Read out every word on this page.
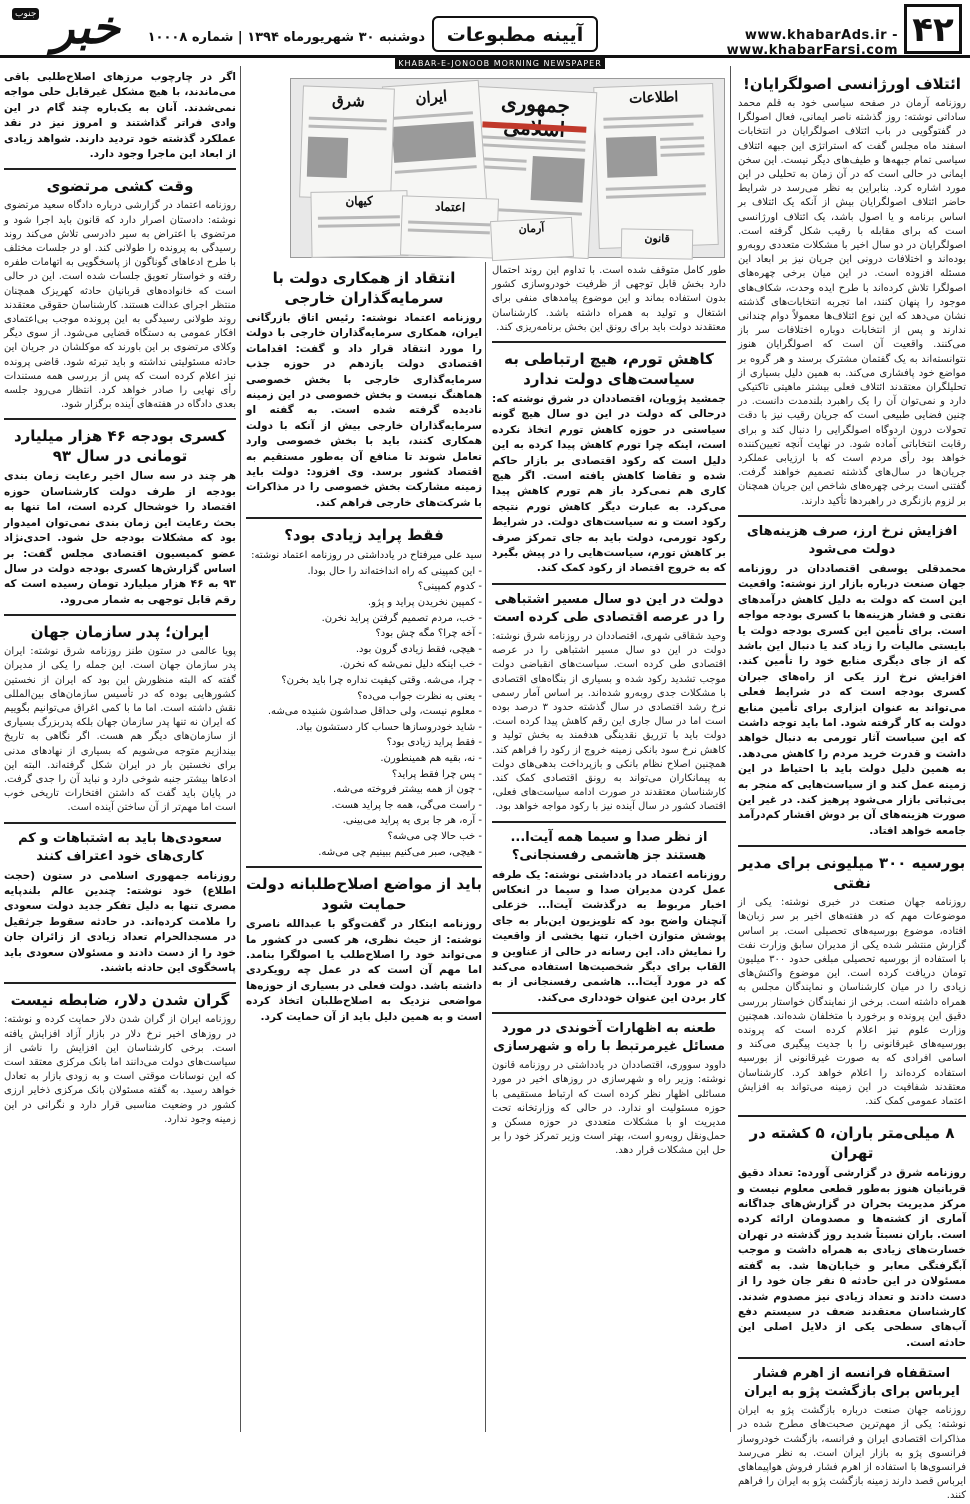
۴۲
www.khabarAds.ir - www.khabarFarsi.com
آیینه مطبوعات
دوشنبه ۳۰ شهریورماه ۱۳۹۴ | شماره ۱۰۰۰۸
خبر
جنوب
KHABAR-E-JONOOB MORNING NEWSPAPER
ائتلاف اورژانسی اصولگرایان!

روزنامه آرمان در صفحه سیاسی خود به قلم محمد ساداتی نوشته: روز گذشته ناصر ایمانی، فعال اصولگرا در گفتوگویی در باب ائتلاف اصولگرایان در انتخابات اسفند ماه مجلس گفت که استراتژی این جبهه ائتلاف سیاسی تمام جبهه‌ها و طیف‌های دیگر نیست. این سخن ایمانی در حالی است که در آن زمان به تحلیلی در این مورد اشاره کرد. بنابراین به نظر می‌رسد در شرایط حاضر ائتلاف اصولگرایان بیش از آنکه یک ائتلاف بر اساس برنامه و یا اصول باشد، یک ائتلاف اورژانسی است که برای مقابله با رقیب شکل گرفته است. اصولگرایان در دو سال اخیر با مشکلات متعددی روبه‌رو بوده‌اند و اختلافات درونی این جریان نیز بر ابعاد این مسئله افزوده است. در این میان برخی چهره‌های اصولگرا تلاش کرده‌اند با طرح ایده وحدت، شکاف‌های موجود را پنهان کنند، اما تجربه انتخابات‌های گذشته نشان می‌دهد که این نوع ائتلاف‌ها معمولاً دوام چندانی ندارند و پس از انتخابات دوباره اختلافات سر باز می‌کنند. واقعیت آن است که اصولگرایان هنوز نتوانسته‌اند به یک گفتمان مشترک برسند و هر گروه بر مواضع خود پافشاری می‌کند. به همین دلیل بسیاری از تحلیلگران معتقدند ائتلاف فعلی بیشتر ماهیتی تاکتیکی دارد و نمی‌توان آن را یک راهبرد بلندمدت دانست. در چنین فضایی طبیعی است که جریان رقیب نیز با دقت تحولات درون اردوگاه اصولگرایی را دنبال کند و برای رقابت انتخاباتی آماده شود. در نهایت آنچه تعیین‌کننده خواهد بود رأی مردم است که با ارزیابی عملکرد جریان‌ها در سال‌های گذشته تصمیم خواهند گرفت. گفتنی است برخی چهره‌های شاخص این جریان همچنان بر لزوم بازنگری در راهبردها تأکید دارند.

افزایش نرخ ارز، صرف هزینه‌های دولت می‌شود

محمدقلی یوسفی اقتصاددان در روزنامه جهان صنعت درباره بازار ارز نوشته: واقعیت این است که دولت به دلیل کاهش درآمدهای نفتی و فشار هزینه‌ها با کسری بودجه مواجه است. برای تأمین این کسری بودجه دولت یا بایستی مالیات را زیاد کند یا دنبال این باشد که از جای دیگری منابع خود را تأمین کند. افزایش نرخ ارز یکی از راه‌های جبران کسری بودجه است که در شرایط فعلی می‌تواند به عنوان ابزاری برای تأمین منابع دولت به کار گرفته شود. اما باید توجه داشت که این سیاست آثار تورمی به دنبال خواهد داشت و قدرت خرید مردم را کاهش می‌دهد. به همین دلیل دولت باید با احتیاط در این زمینه عمل کند و از سیاست‌هایی که منجر به بی‌ثباتی بازار می‌شود پرهیز کند. در غیر این صورت هزینه‌های آن بر دوش اقشار کم‌درآمد جامعه خواهد افتاد.

بورسیه ۳۰۰ میلیونی برای مدیر نفتی

روزنامه جهان صنعت در خبری نوشته: یکی از موضوعات مهم که در هفته‌های اخیر بر سر زبان‌ها افتاده، موضوع بورسیه‌های تحصیلی است. بر اساس گزارش منتشر شده یکی از مدیران سابق وزارت نفت با استفاده از بورسیه تحصیلی مبلغی حدود ۳۰۰ میلیون تومان دریافت کرده است. این موضوع واکنش‌های زیادی را در میان کارشناسان و نمایندگان مجلس به همراه داشته است. برخی از نمایندگان خواستار بررسی دقیق این پرونده و برخورد با متخلفان شده‌اند. همچنین وزارت علوم نیز اعلام کرده است که پرونده بورسیه‌های غیرقانونی را با جدیت پیگیری می‌کند و اسامی افرادی که به صورت غیرقانونی از بورسیه استفاده کرده‌اند را اعلام خواهد کرد. کارشناسان معتقدند شفافیت در این زمینه می‌تواند به افزایش اعتماد عمومی کمک کند.

۸ میلی‌متر باران، ۵ کشته در تهران

روزنامه شرق در گزارشی آورده: تعداد دقیق قربانیان هنوز به‌طور قطعی معلوم نیست و مرکز مدیریت بحران در گزارش‌های جداگانه آماری از کشته‌ها و مصدومان ارائه کرده است. باران نسبتاً شدید روز گذشته در تهران خسارت‌های زیادی به همراه داشت و موجب آبگرفتگی معابر و خیابان‌ها شد. به گفته مسئولان در این حادثه ۵ نفر جان خود را از دست دادند و تعداد زیادی نیز مصدوم شدند. کارشناسان معتقدند ضعف در سیستم دفع آب‌های سطحی یکی از دلایل اصلی این حادثه است.

استقفاه فرانسه از اهرم فشار ایرباس برای بازگشت پژو به ایران

روزنامه جهان صنعت درباره بازگشت پژو به ایران نوشته: یکی از مهم‌ترین صحبت‌های مطرح شده در مذاکرات اقتصادی ایران و فرانسه، بازگشت خودروساز فرانسوی پژو به بازار ایران است. به نظر می‌رسد فرانسوی‌ها با استفاده از اهرم فشار فروش هواپیماهای ایرباس قصد دارند زمینه بازگشت پژو به ایران را فراهم کنند.

اطلاعات
جمهوری
ایران
شرق
کیهان	اعتماد
آرمان
قانون

طور کامل متوقف شده است. با تداوم این روند احتمال دارد بخش قابل توجهی از ظرفیت خودروسازی کشور بدون استفاده بماند و این موضوع پیامدهای منفی برای اشتغال و تولید به همراه داشته باشد. کارشناسان معتقدند دولت باید برای رونق این بخش برنامه‌ریزی کند.

کاهش تورم، هیچ ارتباطی به سیاست‌های دولت ندارد

جمشید پژویان، اقتصاددان در شرق نوشته که: درحالی که دولت در این دو سال هیچ گونه سیاستی در حوزه کاهش تورم اتخاذ نکرده است، اینکه چرا تورم کاهش پیدا کرده به این دلیل است که رکود اقتصادی بر بازار حاکم شده و تقاضا کاهش یافته است. اگر هیچ کاری هم نمی‌کرد باز هم تورم کاهش پیدا می‌کرد. به عبارت دیگر کاهش تورم نتیجه رکود است و نه سیاست‌های دولت. در شرایط رکود تورمی، دولت باید به جای تمرکز صرف بر کاهش تورم، سیاست‌هایی را در پیش بگیرد که به خروج اقتصاد از رکود کمک کند.

دولت در این دو سال مسیر اشتباهی را در عرصه اقتصادی طی کرده است

وحید شقاقی شهری، اقتصاددان در روزنامه شرق نوشته: دولت در این دو سال مسیر اشتباهی را در عرصه اقتصادی طی کرده است. سیاست‌های انقباضی دولت موجب تشدید رکود شده و بسیاری از بنگاه‌های اقتصادی با مشکلات جدی روبه‌رو شده‌اند. بر اساس آمار رسمی نرخ رشد اقتصادی در سال گذشته حدود ۳ درصد بوده است اما در سال جاری این رقم کاهش پیدا کرده است. دولت باید با تزریق نقدینگی هدفمند به بخش تولید و کاهش نرخ سود بانکی زمینه خروج از رکود را فراهم کند. همچنین اصلاح نظام بانکی و بازپرداخت بدهی‌های دولت به پیمانکاران می‌تواند به رونق اقتصادی کمک کند. کارشناسان معتقدند در صورت ادامه سیاست‌های فعلی، اقتصاد کشور در سال آینده نیز با رکود مواجه خواهد بود.

از نظر صدا و سیما همه آیت‌ا... هستند جز هاشمی رفسنجانی؟

روزنامه اعتماد در یادداشتی نوشته: یک طرفه عمل کردن مدیران صدا و سیما در انعکاس اخبار مربوط به درگذشت آیت‌ا... خزعلی آنچنان واضح بود که تلویزیون این‌بار به جای پوشش متوازن اخبار، تنها بخشی از واقعیت را نمایش داد. این رسانه در حالی از عناوین و القاب برای دیگر شخصیت‌ها استفاده می‌کند که در مورد آیت‌ا... هاشمی رفسنجانی از به کار بردن این عنوان خودداری می‌کند.

طعنه به اظهارات آخوندی در مورد مسائل غیرمرتبط با راه و شهرسازی

داوود سووری، اقتصاددان در یادداشتی در روزنامه قانون نوشته: وزیر راه و شهرسازی در روزهای اخیر در مورد مسائلی اظهار نظر کرده است که ارتباط مستقیمی با حوزه مسئولیت او ندارد. در حالی که وزارتخانه تحت مدیریت او با مشکلات متعددی در حوزه مسکن و حمل‌ونقل روبه‌رو است، بهتر است وزیر تمرکز خود را بر حل این مشکلات قرار دهد.

انتقاد از همکاری دولت با سرمایه‌گذاران خارجی

روزنامه اعتماد نوشته: رئیس اتاق بازرگانی ایران، همکاری سرمایه‌گذاران خارجی با دولت را مورد انتقاد قرار داد و گفت: اقدامات اقتصادی دولت یازدهم در حوزه جذب سرمایه‌گذاری خارجی با بخش خصوصی هماهنگ نیست و بخش خصوصی در این زمینه نادیده گرفته شده است. به گفته او سرمایه‌گذاران خارجی بیش از آنکه با دولت همکاری کنند، باید با بخش خصوصی وارد تعامل شوند تا منافع آن به‌طور مستقیم به اقتصاد کشور برسد. وی افزود: دولت باید زمینه مشارکت بخش خصوصی را در مذاکرات با شرکت‌های خارجی فراهم کند.

فقط پراید زیادی بود؟

سید علی میرفتاح در یادداشتی در روزنامه اعتماد نوشته:

- این کمپینی که راه انداخته‌اند را حال بودا.

- کدوم کمپینی؟

- کمپین نخریدن پراید و پژو.

- خب، مردم تصمیم گرفتن پراید نخرن.

- آخه چرا؟ مگه چش بود؟

- هیچی، فقط زیادی گرون بود.

- خب اینکه دلیل نمی‌شه که نخرن.

- چرا، می‌شه. وقتی کیفیت نداره چرا باید بخرن؟

- یعنی به نظرت جواب می‌ده؟

- معلوم نیست، ولی حداقل صداشون شنیده می‌شه.

- شاید خودروسازها حساب کار دستشون بیاد.

- فقط پراید زیادی بود؟

- نه، بقیه هم همینطورن.

- پس چرا فقط پراید؟

- چون از همه بیشتر فروخته می‌شه.

- راست می‌گی، همه جا پراید هست.

- آره، هر جا بری یه پراید می‌بینی.

- خب حالا چی می‌شه؟

- هیچی، صبر می‌کنیم ببینیم چی می‌شه.

باید از مواضع اصلاح‌طلبانه دولت حمایت شود

روزنامه ابتکار در گفت‌وگو با عبدالله ناصری نوشته: از حیث نظری، هر کسی در کشور ما می‌تواند خود را اصلاح‌طلب یا اصولگرا بنامد. اما مهم آن است که در عمل چه رویکردی داشته باشد. دولت فعلی در بسیاری از حوزه‌ها مواضعی نزدیک به اصلاح‌طلبان اتخاذ کرده است و به همین دلیل باید از آن حمایت کرد.

اگر در چارچوب مرزهای اصلاح‌طلبی باقی می‌ماندند، با هیچ مشکل غیرقابل حلی مواجه نمی‌شدند. آنان به یک‌باره چند گام در این وادی فراتر گذاشتند و امروز نیز در نقد عملکرد گذشته خود تردید دارند. شواهد زیادی از ابعاد این ماجرا وجود دارد.

وقت کشی مرتضوی

روزنامه اعتماد در گزارشی درباره دادگاه سعید مرتضوی نوشته: دادستان اصرار دارد که قانون باید اجرا شود و مرتضوی با اعتراض به سیر دادرسی تلاش می‌کند روند رسیدگی به پرونده را طولانی کند. او در جلسات مختلف با طرح ادعاهای گوناگون از پاسخگویی به اتهامات طفره رفته و خواستار تعویق جلسات شده است. این در حالی است که خانواده‌های قربانیان حادثه کهریزک همچنان منتظر اجرای عدالت هستند. کارشناسان حقوقی معتقدند روند طولانی رسیدگی به این پرونده موجب بی‌اعتمادی افکار عمومی به دستگاه قضایی می‌شود. از سوی دیگر وکلای مرتضوی بر این باورند که موکلشان در جریان این حادثه مسئولیتی نداشته و باید تبرئه شود. قاضی پرونده نیز اعلام کرده است که پس از بررسی همه مستندات رأی نهایی را صادر خواهد کرد. انتظار می‌رود جلسه بعدی دادگاه در هفته‌های آینده برگزار شود.

کسری بودجه ۴۶ هزار میلیارد تومانی در سال ۹۳

هر چند در سه سال اخیر رعایت زمان بندی بودجه از طرف دولت کارشناسان حوزه اقتصاد را خوشحال کرده است، اما تنها به بحث رعایت این زمان بندی نمی‌توان امیدوار بود که مشکلات بودجه حل شود. احدی‌نژاد عضو کمیسیون اقتصادی مجلس گفت: بر اساس گزارش‌ها کسری بودجه دولت در سال ۹۳ به ۴۶ هزار میلیارد تومان رسیده است که رقم قابل توجهی به شمار می‌رود.

ایران؛ پدر سازمان جهان

پویا عالمی در ستون طنز روزنامه شرق نوشته: ایران پدر سازمان جهان است. این جمله را یکی از مدیران گفته که البته منظورش این بود که ایران از نخستین کشورهایی بوده که در تأسیس سازمان‌های بین‌المللی نقش داشته است. اما ما با کمی اغراق می‌توانیم بگوییم که ایران نه تنها پدر سازمان جهان بلکه پدربزرگ بسیاری از سازمان‌های دیگر هم هست. اگر نگاهی به تاریخ بیندازیم متوجه می‌شویم که بسیاری از نهادهای مدنی برای نخستین بار در ایران شکل گرفته‌اند. البته این ادعاها بیشتر جنبه شوخی دارد و نباید آن را جدی گرفت. در پایان باید گفت که داشتن افتخارات تاریخی خوب است اما مهم‌تر از آن ساختن آینده است.

سعودی‌ها باید به اشتباهات و کم کاری‌های خود اعتراف کنند

روزنامه جمهوری اسلامی در ستون (حجت اطلاع) خود نوشته: چندین عالم بلندپایه مصری تنها به دلیل تفکر جدید دولت سعودی را ملامت کرده‌اند. در حادثه سقوط جرثقیل در مسجدالحرام تعداد زیادی از زائران جان خود را از دست دادند و مسئولان سعودی باید پاسخگوی این حادثه باشند.

گران شدن دلار، ضابطه نیست

روزنامه ایران از گران شدن دلار حمایت کرده و نوشته: در روزهای اخیر نرخ دلار در بازار آزاد افزایش یافته است. برخی کارشناسان این افزایش را ناشی از سیاست‌های دولت می‌دانند اما بانک مرکزی معتقد است که این نوسانات موقتی است و به زودی بازار به تعادل خواهد رسید. به گفته مسئولان بانک مرکزی ذخایر ارزی کشور در وضعیت مناسبی قرار دارد و نگرانی در این زمینه وجود ندارد.
